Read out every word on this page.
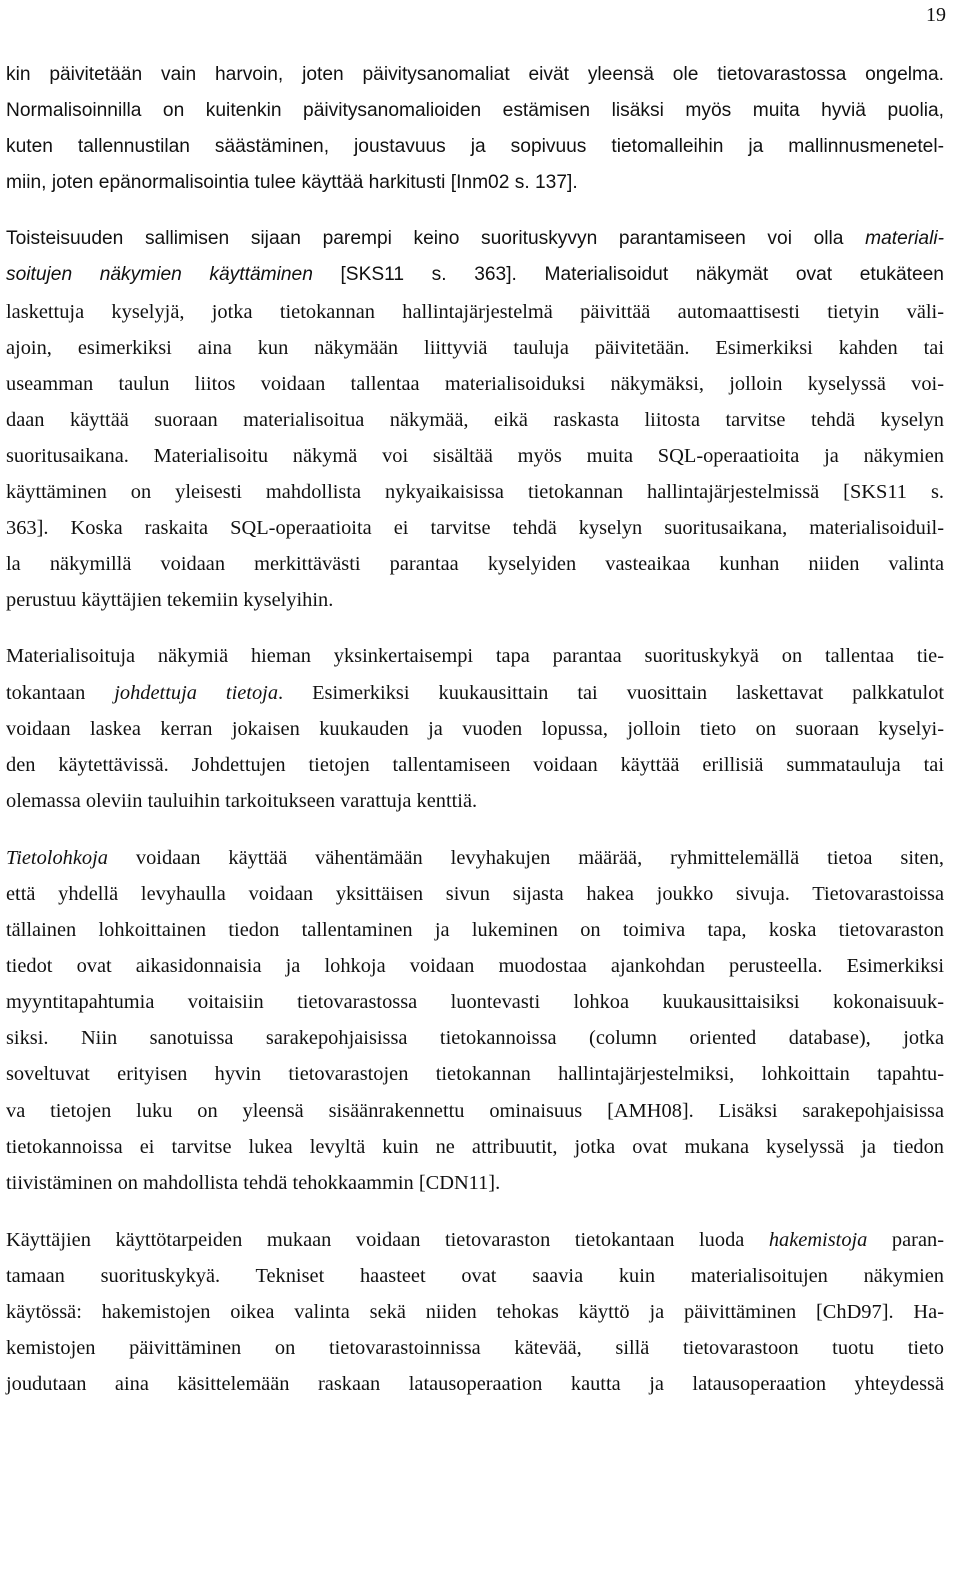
19
kin päivitetään vain harvoin, joten päivitysanomaliat eivät yleensä ole tietovarastossa ongelma.
Normalisoinnilla on kuitenkin päivitysanomalioiden estämisen lisäksi myös muita hyviä puolia,
kuten tallennustilan säästäminen, joustavuus ja sopivuus tietomalleihin ja mallinnusmenetel-
miin, joten epänormalisointia tulee käyttää harkitusti [Inm02 s. 137].
Toisteisuuden sallimisen sijaan parempi keino suorituskyvyn parantamiseen voi olla materiali-
soitujen näkymien käyttäminen [SKS11 s. 363]. Materialisoidut näkymät ovat etukäteen
laskettuja kyselyjä, jotka tietokannan hallintajärjestelmä päivittää automaattisesti tietyin väli-
ajoin, esimerkiksi aina kun näkymään liittyviä tauluja päivitetään. Esimerkiksi kahden tai
useamman taulun liitos voidaan tallentaa materialisoiduksi näkymäksi, jolloin kyselyssä voi-
daan käyttää suoraan materialisoitua näkymää, eikä raskasta liitosta tarvitse tehdä kyselyn
suoritusaikana. Materialisoitu näkymä voi sisältää myös muita SQL-operaatioita ja näkymien
käyttäminen on yleisesti mahdollista nykyaikaisissa tietokannan hallintajärjestelmissä [SKS11 s.
363]. Koska raskaita SQL-operaatioita ei tarvitse tehdä kyselyn suoritusaikana, materialisoiduil-
la näkymillä voidaan merkittävästi parantaa kyselyiden vasteaikaa kunhan niiden valinta
perustuu käyttäjien tekemiin kyselyihin.
Materialisoituja näkymiä hieman yksinkertaisempi tapa parantaa suorituskykyä on tallentaa tie-
tokantaan johdettuja tietoja. Esimerkiksi kuukausittain tai vuosittain laskettavat palkkatulot
voidaan laskea kerran jokaisen kuukauden ja vuoden lopussa, jolloin tieto on suoraan kyselyi-
den käytettävissä. Johdettujen tietojen tallentamiseen voidaan käyttää erillisiä summatauluja tai
olemassa oleviin tauluihin tarkoitukseen varattuja kenttiä.
Tietolohkoja voidaan käyttää vähentämään levyhakujen määrää, ryhmittelemällä tietoa siten,
että yhdellä levyhaulla voidaan yksittäisen sivun sijasta hakea joukko sivuja. Tietovarastoissa
tällainen lohkoittainen tiedon tallentaminen ja lukeminen on toimiva tapa, koska tietovaraston
tiedot ovat aikasidonnaisia ja lohkoja voidaan muodostaa ajankohdan perusteella. Esimerkiksi
myyntitapahtumia voitaisiin tietovarastossa luontevasti lohkoa kuukausittaisiksi kokonaisuuk-
siksi. Niin sanotuissa sarakepohjaisissa tietokannoissa (column oriented database), jotka
soveltuvat erityisen hyvin tietovarastojen tietokannan hallintajärjestelmiksi, lohkoittain tapahtu-
va tietojen luku on yleensä sisäänrakennettu ominaisuus [AMH08]. Lisäksi sarakepohjaisissa
tietokannoissa ei tarvitse lukea levyltä kuin ne attribuutit, jotka ovat mukana kyselyssä ja tiedon
tiivistäminen on mahdollista tehdä tehokkaammin [CDN11].
Käyttäjien käyttötarpeiden mukaan voidaan tietovaraston tietokantaan luoda hakemistoja paran-
tamaan suorituskykyä. Tekniset haasteet ovat saavia kuin materialisoitujen näkymien
käytössä: hakemistojen oikea valinta sekä niiden tehokas käyttö ja päivittäminen [ChD97]. Ha-
kemistojen päivittäminen on tietovarastoinnissa kätevää, sillä tietovarastoon tuotu tieto
joudutaan aina käsittelemään raskaan latausoperaation kautta ja latausoperaation yhteydessä
